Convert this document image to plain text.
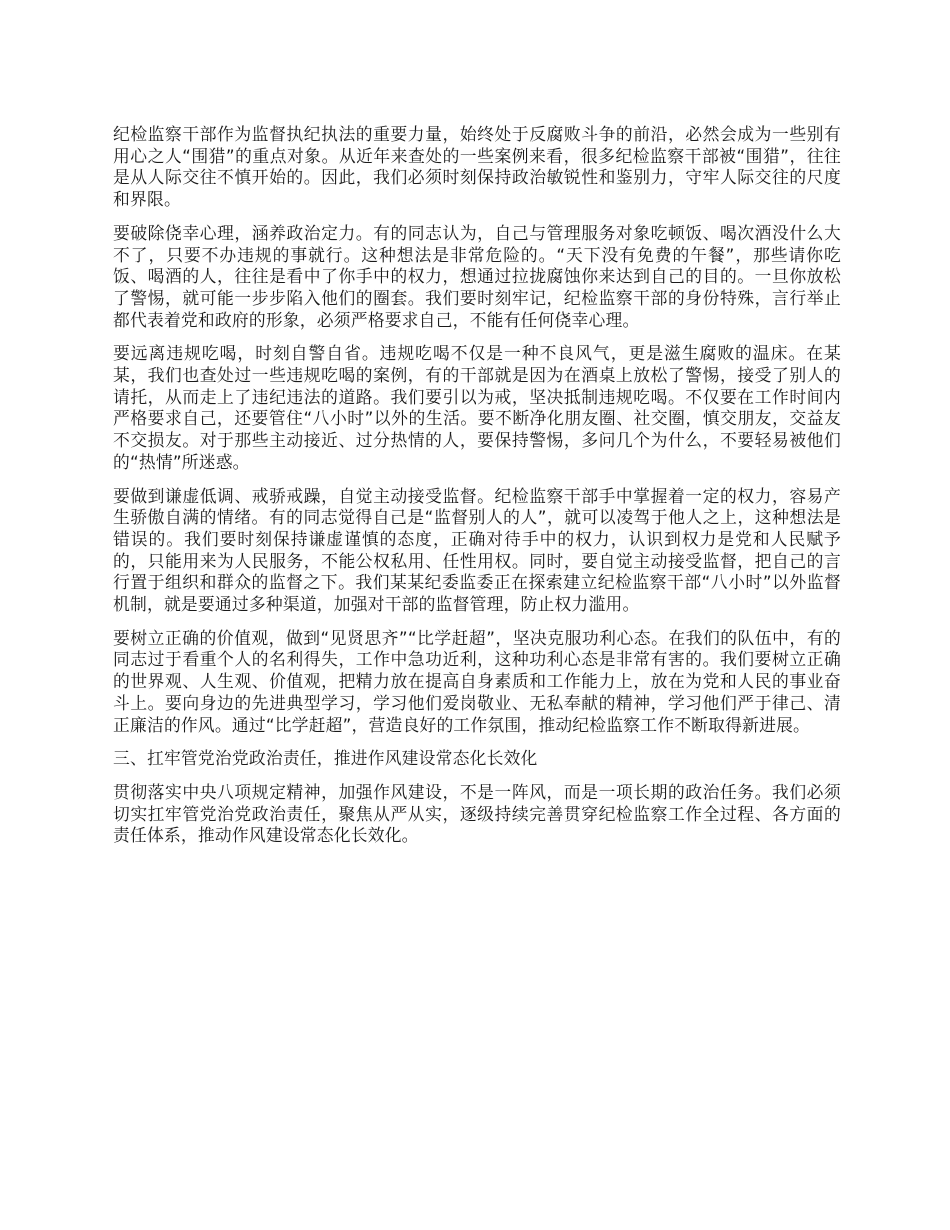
纪检监察干部作为监督执纪执法的重要力量，始终处于反腐败斗争的前沿，必然会成为一些别有用心之人“围猎”的重点对象。从近年来查处的一些案例来看，很多纪检监察干部被“围猎”，往往是从人际交往不慎开始的。因此，我们必须时刻保持政治敏锐性和鉴别力，守牢人际交往的尺度和界限。

要破除侥幸心理，涵养政治定力。有的同志认为，自己与管理服务对象吃顿饭、喝次酒没什么大不了，只要不办违规的事就行。这种想法是非常危险的。“天下没有免费的午餐”，那些请你吃饭、喝酒的人，往往是看中了你手中的权力，想通过拉拢腐蚀你来达到自己的目的。一旦你放松了警惕，就可能一步步陷入他们的圈套。我们要时刻牢记，纪检监察干部的身份特殊，言行举止都代表着党和政府的形象，必须严格要求自己，不能有任何侥幸心理。

要远离违规吃喝，时刻自警自省。违规吃喝不仅是一种不良风气，更是滋生腐败的温床。在某某，我们也查处过一些违规吃喝的案例，有的干部就是因为在酒桌上放松了警惕，接受了别人的请托，从而走上了违纪违法的道路。我们要引以为戒，坚决抵制违规吃喝。不仅要在工作时间内严格要求自己，还要管住“八小时”以外的生活。要不断净化朋友圈、社交圈，慎交朋友，交益友不交损友。对于那些主动接近、过分热情的人，要保持警惕，多问几个为什么，不要轻易被他们的“热情”所迷惑。

要做到谦虚低调、戒骄戒躁，自觉主动接受监督。纪检监察干部手中掌握着一定的权力，容易产生骄傲自满的情绪。有的同志觉得自己是“监督别人的人”，就可以凌驾于他人之上，这种想法是错误的。我们要时刻保持谦虚谨慎的态度，正确对待手中的权力，认识到权力是党和人民赋予的，只能用来为人民服务，不能公权私用、任性用权。同时，要自觉主动接受监督，把自己的言行置于组织和群众的监督之下。我们某某纪委监委正在探索建立纪检监察干部“八小时”以外监督机制，就是要通过多种渠道，加强对干部的监督管理，防止权力滥用。

要树立正确的价值观，做到“见贤思齐”“比学赶超”，坚决克服功利心态。在我们的队伍中，有的同志过于看重个人的名利得失，工作中急功近利，这种功利心态是非常有害的。我们要树立正确的世界观、人生观、价值观，把精力放在提高自身素质和工作能力上，放在为党和人民的事业奋斗上。要向身边的先进典型学习，学习他们爱岗敬业、无私奉献的精神，学习他们严于律己、清正廉洁的作风。通过“比学赶超”，营造良好的工作氛围，推动纪检监察工作不断取得新进展。

三、扛牢管党治党政治责任，推进作风建设常态化长效化

贯彻落实中央八项规定精神，加强作风建设，不是一阵风，而是一项长期的政治任务。我们必须切实扛牢管党治党政治责任，聚焦从严从实，逐级持续完善贯穿纪检监察工作全过程、各方面的责任体系，推动作风建设常态化长效化。
